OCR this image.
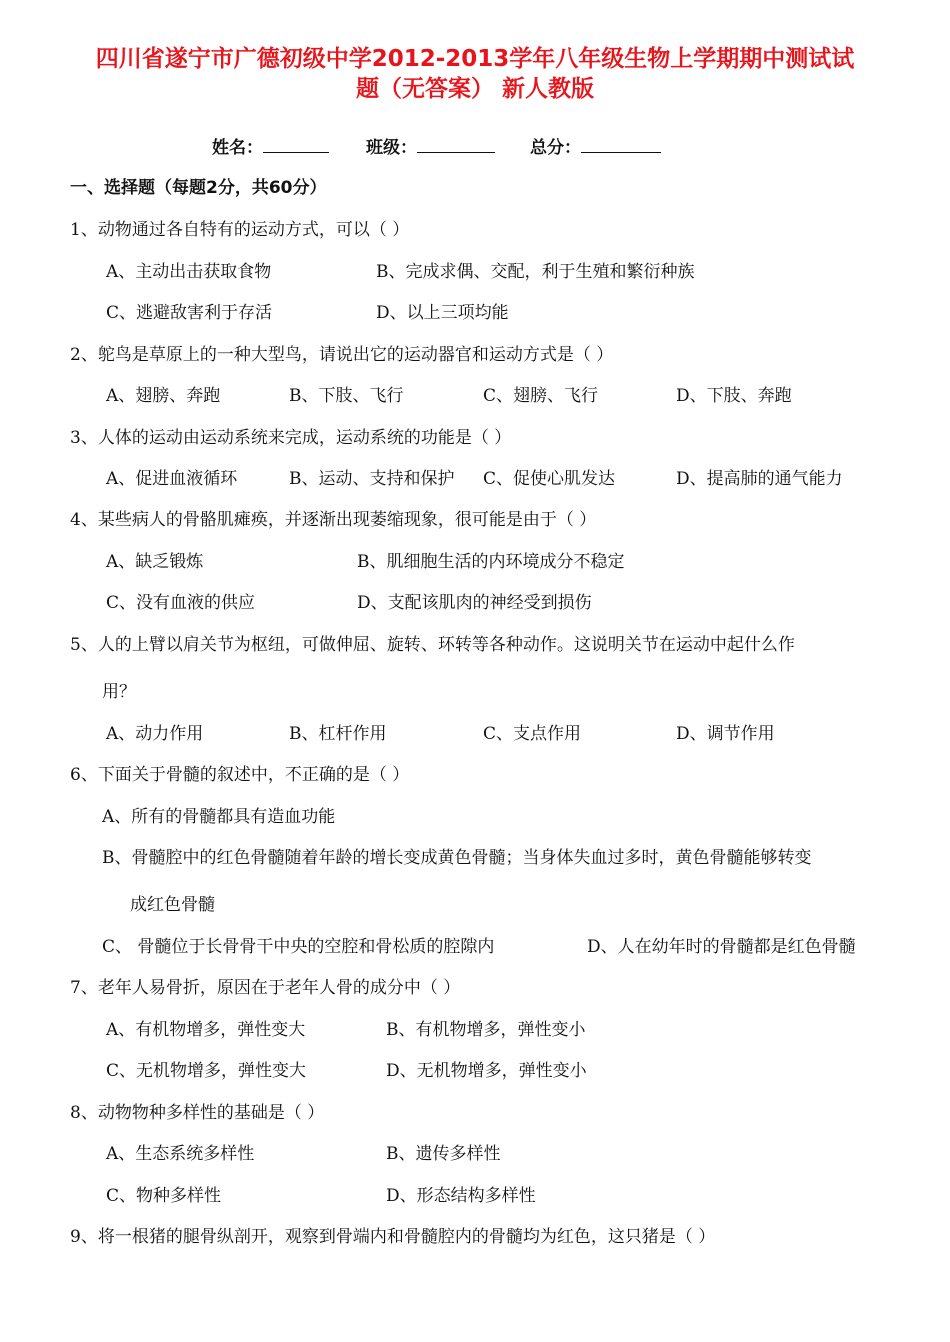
四川省遂宁市广德初级中学2012-2013学年八年级生物上学期期中测试试
题（无答案） 新人教版
姓名：	班级：	总分：
一、选择题（每题2分，共60分）
1、动物通过各自特有的运动方式，可以（ ）
A、主动出击获取食物	B、完成求偶、交配，利于生殖和繁衍种族
C、逃避敌害利于存活	D、以上三项均能
2、鸵鸟是草原上的一种大型鸟，请说出它的运动器官和运动方式是（ ）
A、翅膀、奔跑	B、下肢、飞行	C、翅膀、飞行	D、下肢、奔跑
3、人体的运动由运动系统来完成，运动系统的功能是（ ）
A、促进血液循环	B、运动、支持和保护 C、促使心肌发达	D、提高肺的通气能力
4、某些病人的骨骼肌瘫痪，并逐渐出现萎缩现象，很可能是由于（ ）
A、缺乏锻炼	B、肌细胞生活的内环境成分不稳定
C、没有血液的供应	D、支配该肌肉的神经受到损伤
5、人的上臂以肩关节为枢纽，可做伸屈、旋转、环转等各种动作。这说明关节在运动中起什么作
用？
A、动力作用	B、杠杆作用	C、支点作用	D、调节作用
6、下面关于骨髓的叙述中，不正确的是（ ）
A、所有的骨髓都具有造血功能
B、骨髓腔中的红色骨髓随着年龄的增长变成黄色骨髓；当身体失血过多时，黄色骨髓能够转变
成红色骨髓
C、 骨髓位于长骨骨干中央的空腔和骨松质的腔隙内	D、人在幼年时的骨髓都是红色骨髓
7、老年人易骨折，原因在于老年人骨的成分中（ ）
A、有机物增多，弹性变大	B、有机物增多，弹性变小
C、无机物增多，弹性变大	D、无机物增多，弹性变小
8、动物物种多样性的基础是（ ）
A、生态系统多样性	B、遗传多样性
C、物种多样性	D、形态结构多样性
9、将一根猪的腿骨纵剖开，观察到骨端内和骨髓腔内的骨髓均为红色，这只猪是（ ）
